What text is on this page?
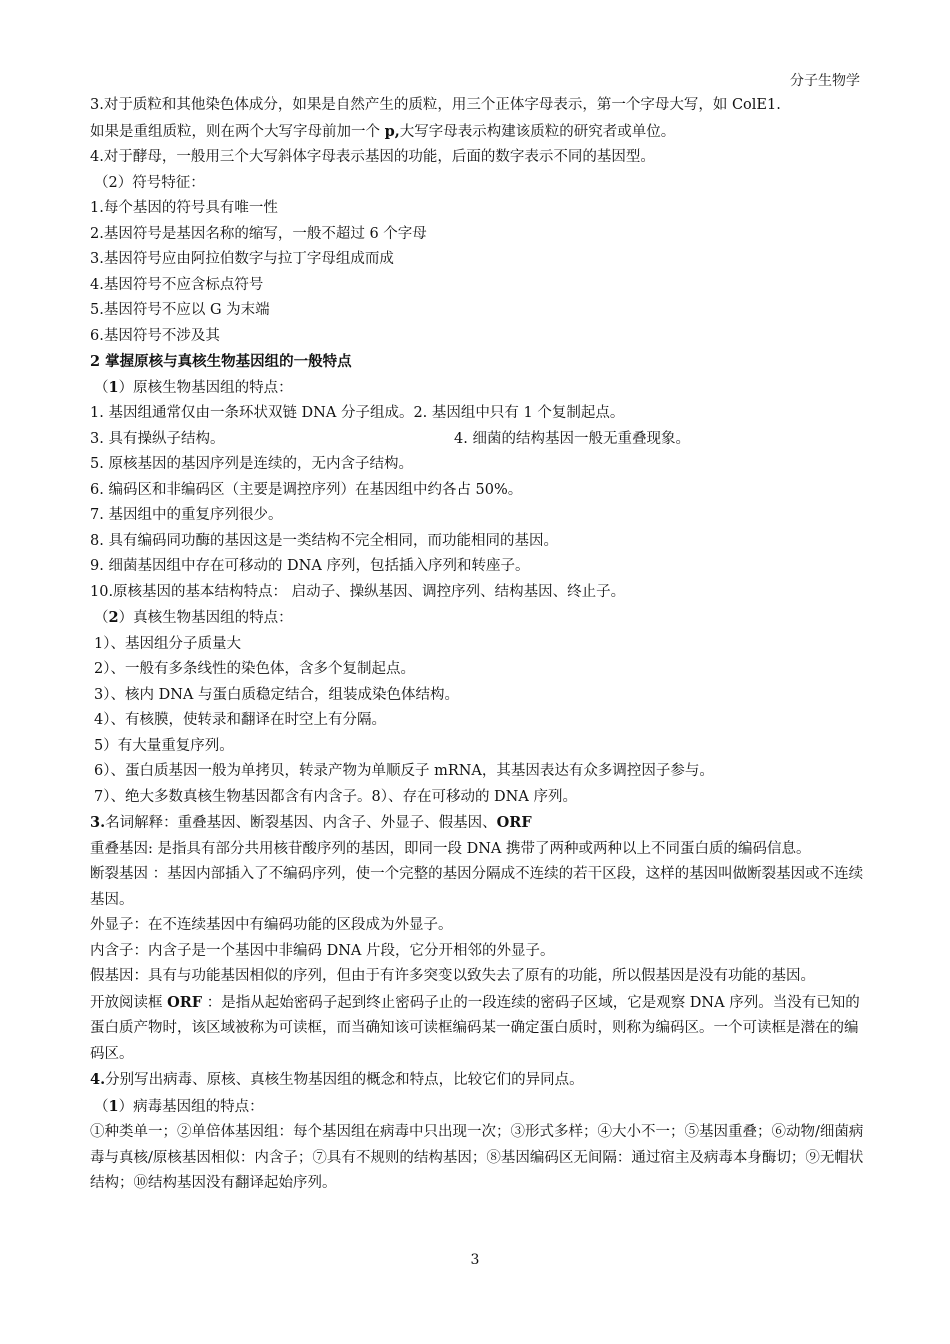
分子生物学
3.对于质粒和其他染色体成分，如果是自然产生的质粒，用三个正体字母表示，第一个字母大写，如 ColE1.
如果是重组质粒，则在两个大写字母前加一个 p,大写字母表示构建该质粒的研究者或单位。
4.对于酵母，一般用三个大写斜体字母表示基因的功能，后面的数字表示不同的基因型。
（2）符号特征：
1.每个基因的符号具有唯一性
2.基因符号是基因名称的缩写，一般不超过 6 个字母
3.基因符号应由阿拉伯数字与拉丁字母组成而成
4.基因符号不应含标点符号
5.基因符号不应以 G 为末端
6.基因符号不涉及其
2 掌握原核与真核生物基因组的一般特点
（1）原核生物基因组的特点：
1. 基因组通常仅由一条环状双链 DNA 分子组成。2. 基因组中只有 1 个复制起点。
3. 具有操纵子结构。	4. 细菌的结构基因一般无重叠现象。
5. 原核基因的基因序列是连续的，无内含子结构。
6. 编码区和非编码区（主要是调控序列）在基因组中约各占 50%。
7. 基因组中的重复序列很少。
8. 具有编码同功酶的基因这是一类结构不完全相同，而功能相同的基因。
9. 细菌基因组中存在可移动的 DNA 序列，包括插入序列和转座子。
10.原核基因的基本结构特点： 启动子、操纵基因、调控序列、结构基因、终止子。
（2）真核生物基因组的特点：
1）、基因组分子质量大
2）、一般有多条线性的染色体，含多个复制起点。
3）、核内 DNA 与蛋白质稳定结合，组装成染色体结构。
4）、有核膜，使转录和翻译在时空上有分隔。
5）有大量重复序列。
6）、蛋白质基因一般为单拷贝，转录产物为单顺反子 mRNA，其基因表达有众多调控因子参与。
7）、绝大多数真核生物基因都含有内含子。8）、存在可移动的 DNA 序列。
3.名词解释：重叠基因、断裂基因、内含子、外显子、假基因、ORF
重叠基因: 是指具有部分共用核苷酸序列的基因，即同一段 DNA 携带了两种或两种以上不同蛋白质的编码信息。
断裂基因 ：基因内部插入了不编码序列，使一个完整的基因分隔成不连续的若干区段，这样的基因叫做断裂基因或不连续基因。
外显子：在不连续基因中有编码功能的区段成为外显子。
内含子：内含子是一个基因中非编码 DNA 片段，它分开相邻的外显子。
假基因：具有与功能基因相似的序列，但由于有许多突变以致失去了原有的功能，所以假基因是没有功能的基因。
开放阅读框 ORF ：是指从起始密码子起到终止密码子止的一段连续的密码子区域，它是观察 DNA 序列。当没有已知的蛋白质产物时，该区域被称为可读框，而当确知该可读框编码某一确定蛋白质时，则称为编码区。一个可读框是潜在的编码区。
4.分别写出病毒、原核、真核生物基因组的概念和特点，比较它们的异同点。
（1）病毒基因组的特点：
①种类单一；②单倍体基因组：每个基因组在病毒中只出现一次；③形式多样；④大小不一；⑤基因重叠；⑥动物/细菌病毒与真核/原核基因相似：内含子；⑦具有不规则的结构基因；⑧基因编码区无间隔：通过宿主及病毒本身酶切；⑨无帽状结构；⑩结构基因没有翻译起始序列。
3
